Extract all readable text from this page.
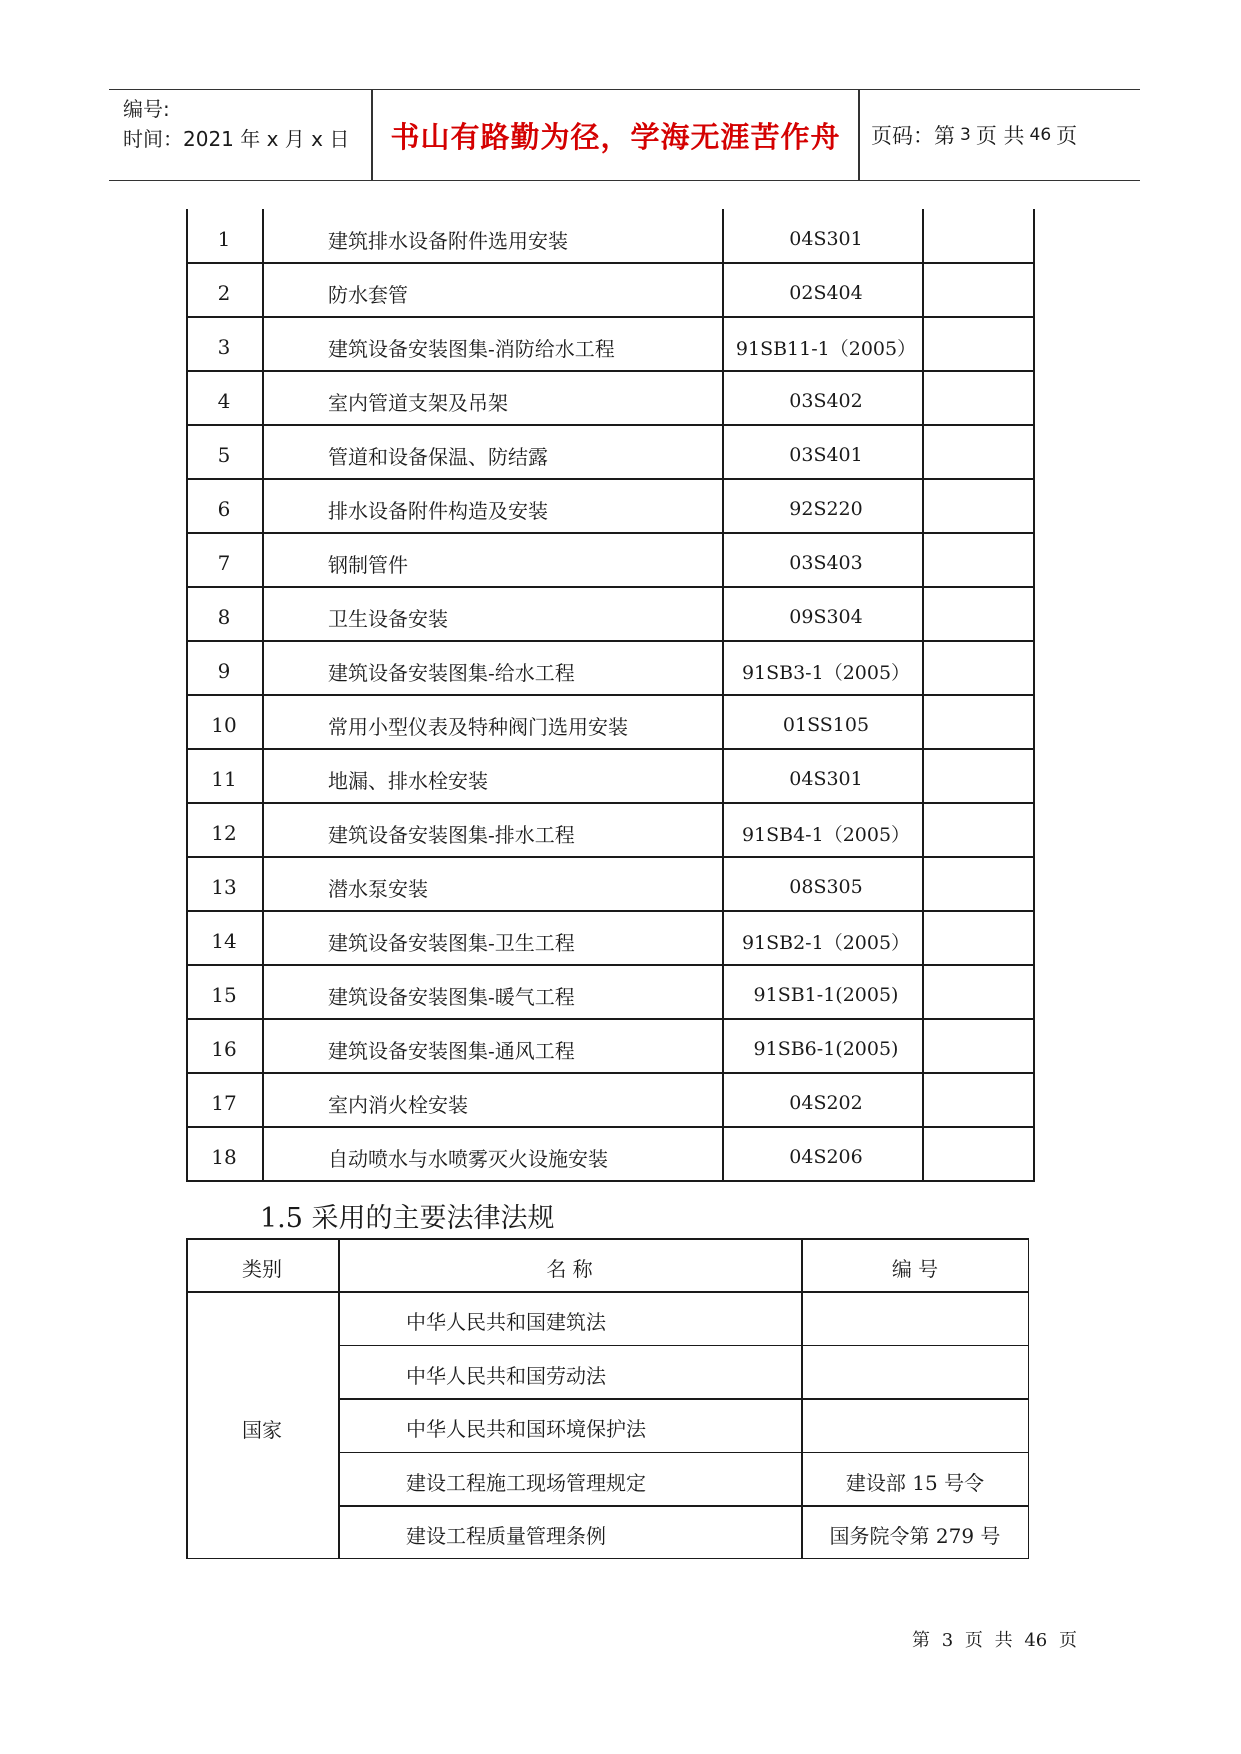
编号:
时间：2021 年 x 月 x 日	书山有路勤为径，学海无涯苦作舟	页码：第 3 页 共 46 页
1	建筑排水设备附件选用安装	04S301
2	防水套管	02S404
3	建筑设备安装图集-消防给水工程	91SB11-1（2005）
4	室内管道支架及吊架	03S402
5	管道和设备保温、防结露	03S401
6	排水设备附件构造及安装	92S220
7	钢制管件	03S403
8	卫生设备安装	09S304
9	建筑设备安装图集-给水工程	91SB3-1（2005）
10	常用小型仪表及特种阀门选用安装	01SS105
11	地漏、排水栓安装	04S301
12	建筑设备安装图集-排水工程	91SB4-1（2005）
13	潜水泵安装	08S305
14	建筑设备安装图集-卫生工程	91SB2-1（2005）
15	建筑设备安装图集-暖气工程	91SB1-1(2005)
16	建筑设备安装图集-通风工程	91SB6-1(2005)
17	室内消火栓安装	04S202
18	自动喷水与水喷雾灭火设施安装	04S206
1.5 采用的主要法律法规
类别	名 称	编 号
国家
中华人民共和国建筑法
中华人民共和国劳动法
中华人民共和国环境保护法
建设工程施工现场管理规定	建设部 15 号令
建设工程质量管理条例	国务院令第 279 号
第 3 页 共 46 页
